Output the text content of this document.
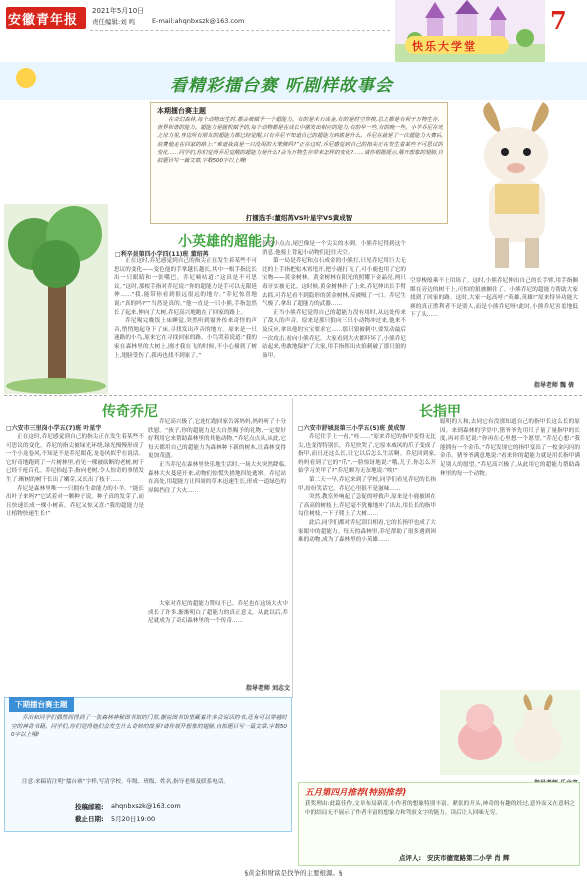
安徽青年报
2021年5月10日
责任编辑:刘 鸣	E-mail:ahqnbxszk@163.com
快乐大学堂
7
看精彩擂台赛 听剧样故事会
本期擂台赛主题
在奇幻森林,每个动物出生时,都会被赋予一个超能力。有的是木石成金,有的是时空穿梭,总之都是有利于万物生存、世界和谐的能力。超能力是随机赋予的,每个动物都是在成长中激发出相应的能力,有的早一些,有的晚一些。小羊乔尼在光之母力里,身边所有朋友的超能力都已经觉醒,只有乔尼不知道自己的超能力到底是什么。乔尼在就是了一次超能力大赛后,浪费他走在回家的路上:“难道我真是一只没用的大笨熊吗?”正在这时,乔尼感觉到自己的指尖正在发生着某些不可思议的变化……同学们,你们觉得乔尼觉醒的超能力是什么?会为万物生存带来怎样的变化?……请你根据提示,展开想象的翅膀,自拟题目写一篇文章,字数500字以上哦!
打擂选手:董绍苒VS叶星宇VS黄成智
小英雄的超能力
□利辛县第四小学四(11)班 董绍苒

正在这时,乔尼感觉到自己的指尖正在发生着某些不可思议的变化——变色他的手掌越长越长,其中一根手指比长出一只眼睛和一张嘴巴。乔尼嘀咕道:“这真是不可思议。”这时,那根手指对乔尼说:“你的超能力是手可以无限延伸……”我,能带你看到很远很远的地方。”乔尼惊喜地说:“真的吗?”“当然是真的。”他一直是一只小熊,手指忽然长了起来,伸向了大树,乔尼高兴地跑在了回家的路上。

乔尼喝完晚饭上床睡觉,突然听到窗外传来奇怪的声音,悄悄地起身下了床,寻找发出声音的地方。原来是一只迷路的小鸟,原来它在寻找回家的路。小鸟哭着说道:“我的家在森林里的大树上,刚才我在飞的时候,不小心撞到了树上,翅膀受伤了,我再也找不到家了。”

色的小点点,尾巴像是一个尖尖的水刺。小熊乔尼得到这个消息,他骑上背起小动物们赶往天空。

第一局是乔尼和点石成金的小熊打,只见乔尼用巨大无比的上手指把松木霄甩开,把小鹿打飞了,可小鹿也用了它的宝物——黄金树林。黄金树林在阳光的照耀下金晶亮,两只毒牙实被无比。这时候,黄金树林扑了上来,乔尼伸出长手臂去抓,可乔尼看不到隐形的黄金树林,反被吸了一口。乔尼生气极了,拿出了超能力的武器……

正当小熊乔尼觉得自己的超能力没有用时,从远处传来了敌人的声音。原来是那只狼向三只小动物冲过来,他来不及反应,拿出他的宝宝要求它……那只狼被刺中,要发动最后一次攻击,看向小熊乔尼。大家看到大火都吓坏了,小熊乔尼站起来,勇敢地保护了大家,用手指挥出火焰刺破了那只狼的盔甲。

空穿梭般乘不上用场了。这时,小熊乔尼伸出自己的长手臂,用手指捆绑在旁边的树干上,可怕的狼被捆住了。小熊乔尼的超能力帮助大家找到了回家的路。这时,大家一起高呼:“英雄,英雄!”原来特异功能大赛的真正胜利者不是别人,而是小熊乔尼呀!此时,小熊乔尼害羞地低下了头……

指导老师 魏 倩
传奇乔尼
□六安市三里岗小学五(7)班 叶星宇

正在这时,乔尼感觉到自己的指尖正在发生着某些不可思议的变化。乔尼的指尖被绿光环绕,绿光慢慢形成了一个小龙卷风,不知是不是乔尼眼花,龙卷风似乎在说话。它好奇地跑到了一片树林里,看见一棵被砍断的老树,树干已经千疮百孔。乔尼抬起手,指向老树,令人惊奇的事情发生了:断树的树干长出了嫩芽,又长出了枝干……

乔尼是森林里唯一一只拥有生命能力的小羊。“能长出叶子来吗?”它试着对一颗种子说。种子真的发芽了,而且快速长成一棵小树苗。乔尼又惊又喜:“我的超能力是让植物快速生长!”

乔尼高兴极了,它连忙跑回家告诉妈妈,妈妈听了十分欣慰。“孩子,你的超能力是大自然赐予的礼物,一定要好好利用它来帮助森林里的其他动物。”乔尼点点头,从此,它每天都用自己的超能力为森林种下新的树木,让森林变得更加茂盛。

正当乔尼在森林里快乐地生活时,一场大火突然降临,森林大火蔓延开来,动物们惊慌失措地四处逃窜。乔尼站在高处,用超能力让四周的草木迅速生长,形成一道绿色的屏障挡住了大火……

大家对乔尼的超能力赞叹不已。乔尼也在这场大火中成长了许多,渐渐明白了超能力的真正意义。从此以后,乔尼就成为了奇幻森林里的一个传奇……

指导老师 刘志文
长指甲
□六安市舒城县第三小学五(5)班 黄成智

乔尼往手上一看,“哇……”原来乔尼的指甲变得无比尖,也变得特别长。乔尼快哭了,它原本威风的爪子变成了指甲,而且还这么长,让它以后怎么生活啊。乔尼回到家,妈妈看到了它的“爪”,一脸惊讶地说:“哦,儿子,你怎么开始学习美甲了?”乔尼颇为无奈地说:“唉!”

第二天一早,乔尼来到了学校,同学们看见乔尼的长指甲,纷纷笑话它。乔尼心里很不是滋味……

突然,教室外响起了急促的呼救声,原来是小鹿被困在了高高的树枝上,乔尼毫不犹豫地冲了出去,用长长的指甲勾住树枝,一下子爬上了大树……

此后,同学们都对乔尼刮目相看,它的长指甲也成了大家眼中的超能力。每天的森林里,乔尼帮助了很多遇到困难的动物,成为了森林里的小英雄……

聪明的人和,去同它有没那知道自己的指甲长这么长的原因。来到森林的学堂中,猪爷爷先用尺子量了量指甲的长度,再对乔尼说:“你再在心里想一个愿望。”乔尼心想:“我能拥有一个金币。”乔尼发现它的指甲变出了一枚金闪闪的金币。猪爷爷满意地说:“看来你的超能力就是用长指甲满足别人的愿望。”乔尼高兴极了,从此用它的超能力帮助森林里的每一个动物。

下期擂台赛主题
乔治和同学们偶然间得到了一张森林神秘图书馆的门票,据说图书馆里藏着许多会说话的书,还有可以穿越时空的神奇书籍。同学们,你们觉得他们会发生什么奇妙的故事?请你展开想象的翅膀,自拟题目写一篇文章,字数500字以上哦!
注意:来稿请注明“擂台赛”字样,写清学校、年级、班级、姓名,指导老师及联系电话。
投稿邮箱: ahqnbxszk@163.com
截止日期: 5月20日19:00
五月第四月推荐(特别推荐)
获奖理由:此篇佳作,文章布局新奇,小作者的想象特别丰富。紧张的开头,神奇的有趣的经过,意外而又在意料之中的结局无不展示了作者丰富的想象力和驾驭文字的能力。读后让人回味无穷。
点评人: 安庆市德宽路第二小学 肖 辉
§黄金和财富是找争的主要根源。§
